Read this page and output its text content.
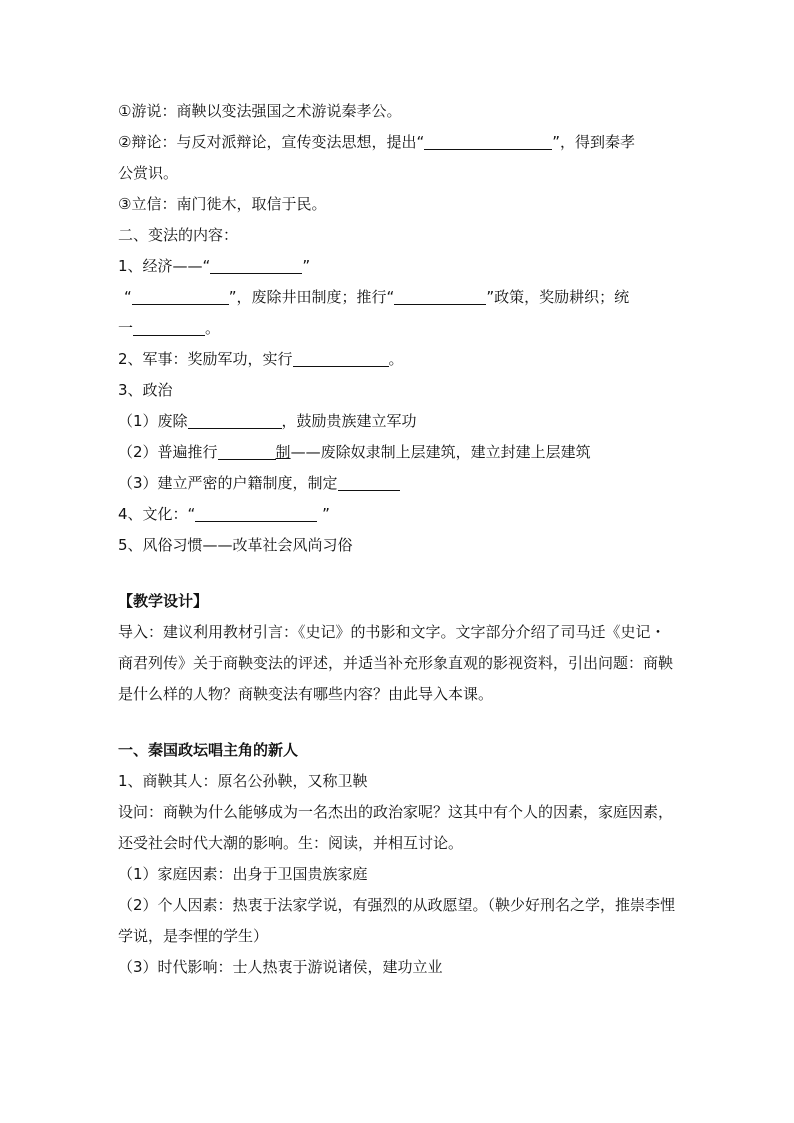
①游说：商鞅以变法强国之术游说秦孝公。
②辩论：与反对派辩论，宣传变法思想，提出“	”，得到秦孝
公赏识。
③立信：南门徙木，取信于民。
二、变法的内容：
1、经济——“	”
“	”，废除井田制度；推行“	”政策，奖励耕织；统
一	。
2、军事：奖励军功，实行	。
3、政治
（1）废除	，鼓励贵族建立军功
（2）普遍推行	制——废除奴隶制上层建筑，建立封建上层建筑
（3）建立严密的户籍制度，制定
4、文化：“	”
5、风俗习惯——改革社会风尚习俗
【教学设计】
导入：建议利用教材引言：《史记》的书影和文字。文字部分介绍了司马迁《史记・商君列传》关于商鞅变法的评述，并适当补充形象直观的影视资料，引出问题：商鞅是什么样的人物？商鞅变法有哪些内容？由此导入本课。
一、秦国政坛唱主角的新人
1、商鞅其人：原名公孙鞅，又称卫鞅
设问：商鞅为什么能够成为一名杰出的政治家呢？这其中有个人的因素，家庭因素，还受社会时代大潮的影响。生：阅读，并相互讨论。
（1）家庭因素：出身于卫国贵族家庭
（2）个人因素：热衷于法家学说，有强烈的从政愿望。（鞅少好刑名之学，推崇李悝学说，是李悝的学生）
（3）时代影响：士人热衷于游说诸侯，建功立业
